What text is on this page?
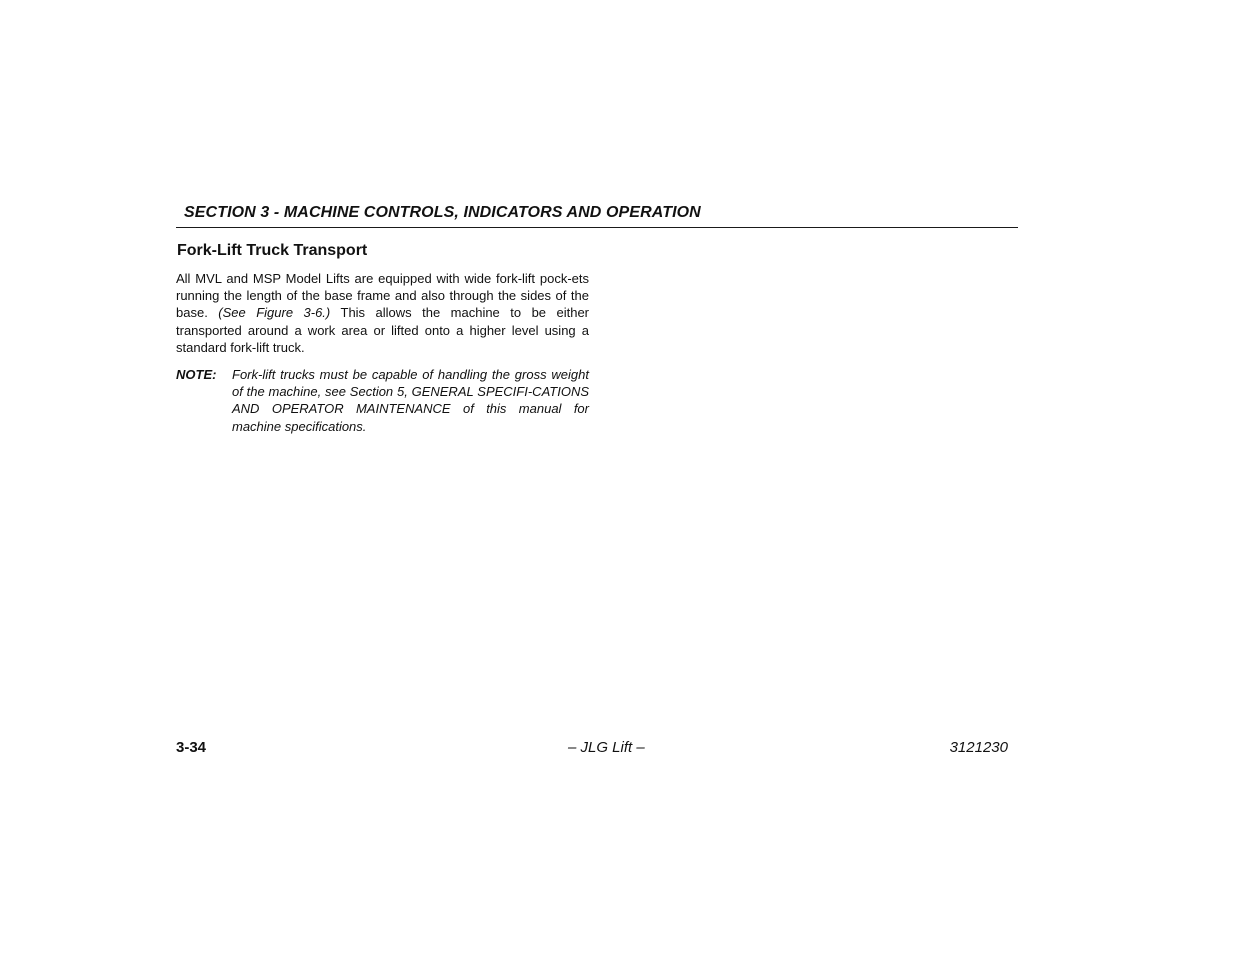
SECTION 3 - MACHINE CONTROLS, INDICATORS AND OPERATION
Fork-Lift Truck Transport

All MVL and MSP Model Lifts are equipped with wide fork-lift pock-ets running the length of the base frame and also through the sides of the base. (See Figure 3-6.) This allows the machine to be either transported around a work area or lifted onto a higher level using a standard fork-lift truck.

NOTE:	Fork-lift trucks must be capable of handling the gross weight of the machine, see Section 5, GENERAL SPECIFI-CATIONS AND OPERATOR MAINTENANCE of this manual for machine specifications.
3-34	– JLG Lift –	3121230
